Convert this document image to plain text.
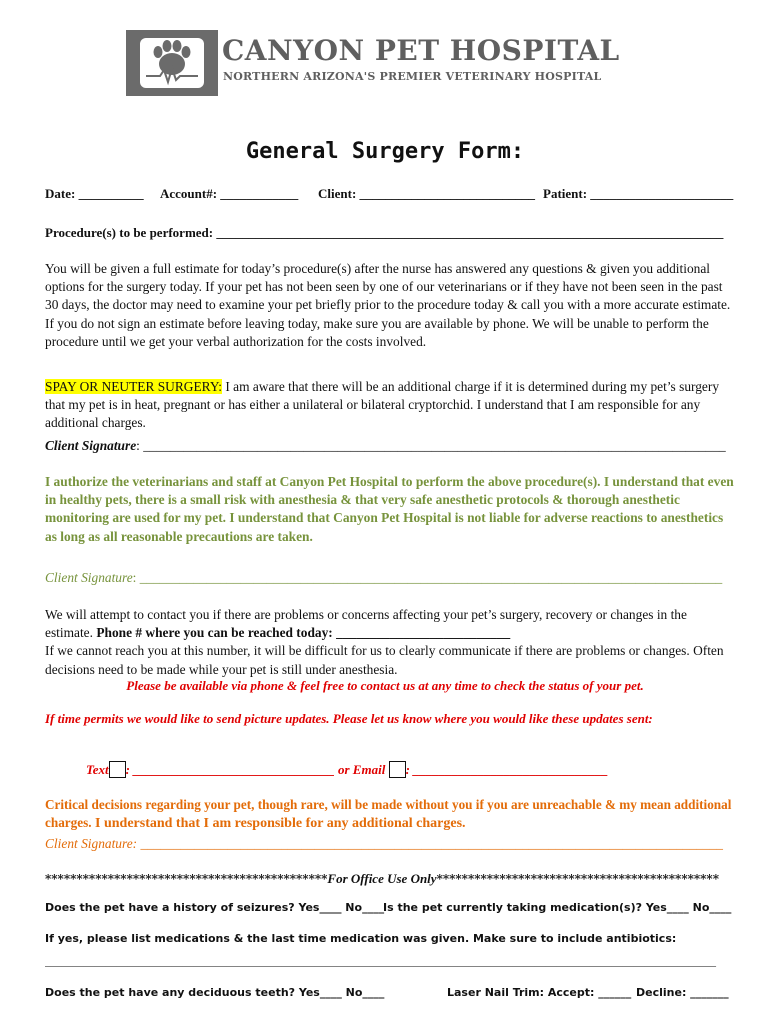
CANYON PET HOSPITAL
NORTHERN ARIZONA'S PREMIER VETERINARY HOSPITAL
General Surgery Form:
Date: __________ Account#: ____________ Client: ___________________________ Patient: ______________________
Procedure(s) to be performed: ______________________________________________________________________________
You will be given a full estimate for today’s procedure(s) after the nurse has answered any questions & given you additional options for the surgery today. If your pet has not been seen by one of our veterinarians or if they have not been seen in the past 30 days, the doctor may need to examine your pet briefly prior to the procedure today & call you with a more accurate estimate. If you do not sign an estimate before leaving today, make sure you are available by phone. We will be unable to perform the procedure until we get your verbal authorization for the costs involved.
SPAY OR NEUTER SURGERY: I am aware that there will be an additional charge if it is determined during my pet’s surgery that my pet is in heat, pregnant or has either a unilateral or bilateral cryptorchid. I understand that I am responsible for any additional charges.
Client Signature: _______________________________________________________________________________________
I authorize the veterinarians and staff at Canyon Pet Hospital to perform the above procedure(s). I understand that even in healthy pets, there is a small risk with anesthesia & that very safe anesthetic protocols & thorough anesthetic monitoring are used for my pet. I understand that Canyon Pet Hospital is not liable for adverse reactions to anesthetics as long as all reasonable precautions are taken.
Client Signature: _______________________________________________________________________________________
We will attempt to contact you if there are problems or concerns affecting your pet’s surgery, recovery or changes in the estimate. Phone # where you can be reached today: __________________________
If we cannot reach you at this number, it will be difficult for us to clearly communicate if there are problems or changes. Often decisions need to be made while your pet is still under anesthesia.
Please be available via phone & feel free to contact us at any time to check the status of your pet.
If time permits we would like to send picture updates. Please let us know where you would like these updates sent:
Text : _______________________________ or Email : ______________________________
Critical decisions regarding your pet, though rare, will be made without you if you are unreachable & my mean additional charges. I understand that I am responsible for any additional charges.
Client Signature: _______________________________________________________________________________________
*********************************************For Office Use Only*********************************************
Does the pet have a history of seizures? Yes____ No____
Is the pet currently taking medication(s)? Yes____ No____
If yes, please list medications & the last time medication was given. Make sure to include antibiotics:
__________________________________________________________________________________________________________________________
Does the pet have any deciduous teeth? Yes____ No____	Laser Nail Trim: Accept: ______ Decline: _______
